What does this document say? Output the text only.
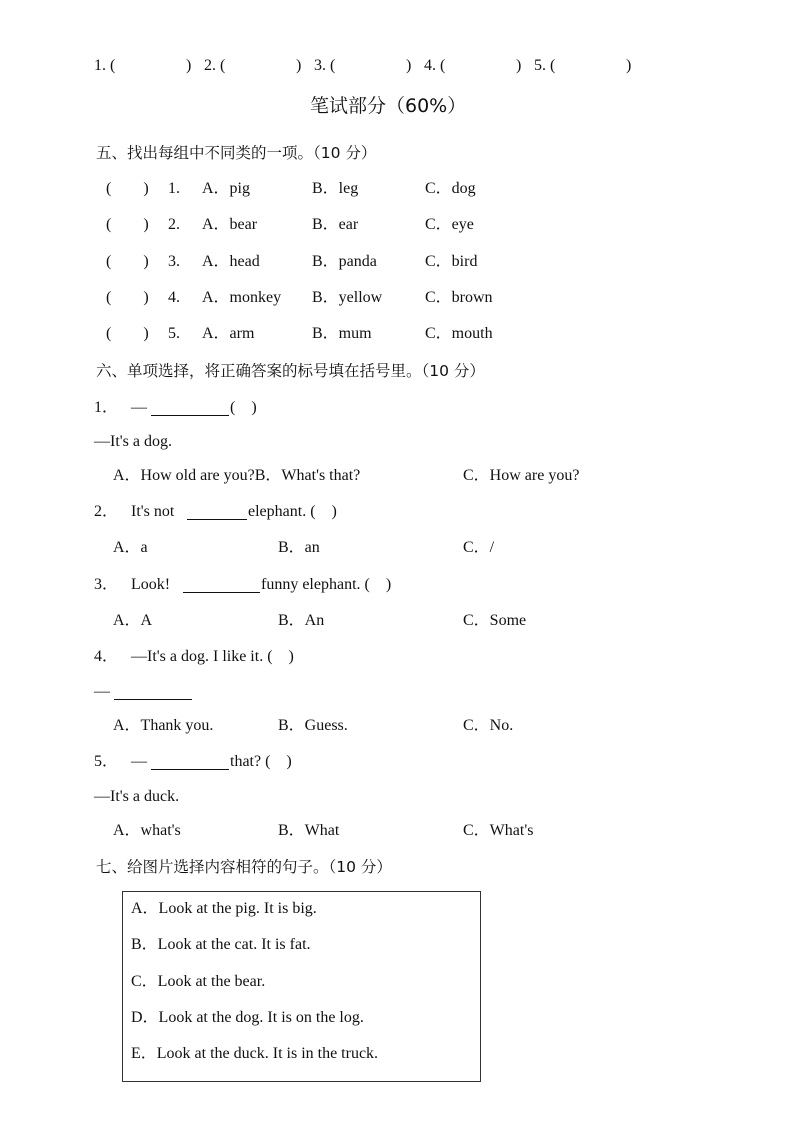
1. (	) 2. (	) 3. (	) 4. (	) 5. (	)
笔试部分（60%）
五、找出每组中不同类的一项。（10 分）
(        ) 1. A．pig	B．leg	C．dog
(        ) 2. A．bear	B．ear	C．eye
(        ) 3. A．head	B．panda	C．bird
(        ) 4. A．monkey B．yellow	C．brown
(        ) 5. A．arm	B．mum	C．mouth
六、单项选择，将正确答案的标号填在括号里。（10 分）
1． —	(    )
—It's a dog.
A．How old are you?B．What's that?	C．How are you?
2． It's not	elephant. (    )
A．a	B．an	C．/
3． Look!	funny elephant. (    )
A．A	B．An	C．Some
4． —It's a dog. I like it. (    )
—
A．Thank you.	B．Guess.	C．No.
5． —	that? (    )
—It's a duck.
A．what's	B．What	C．What's
七、给图片选择内容相符的句子。（10 分）
A．Look at the pig. It is big.
B．Look at the cat. It is fat.
C．Look at the bear.
D．Look at the dog. It is on the log.
E．Look at the duck. It is in the truck.
